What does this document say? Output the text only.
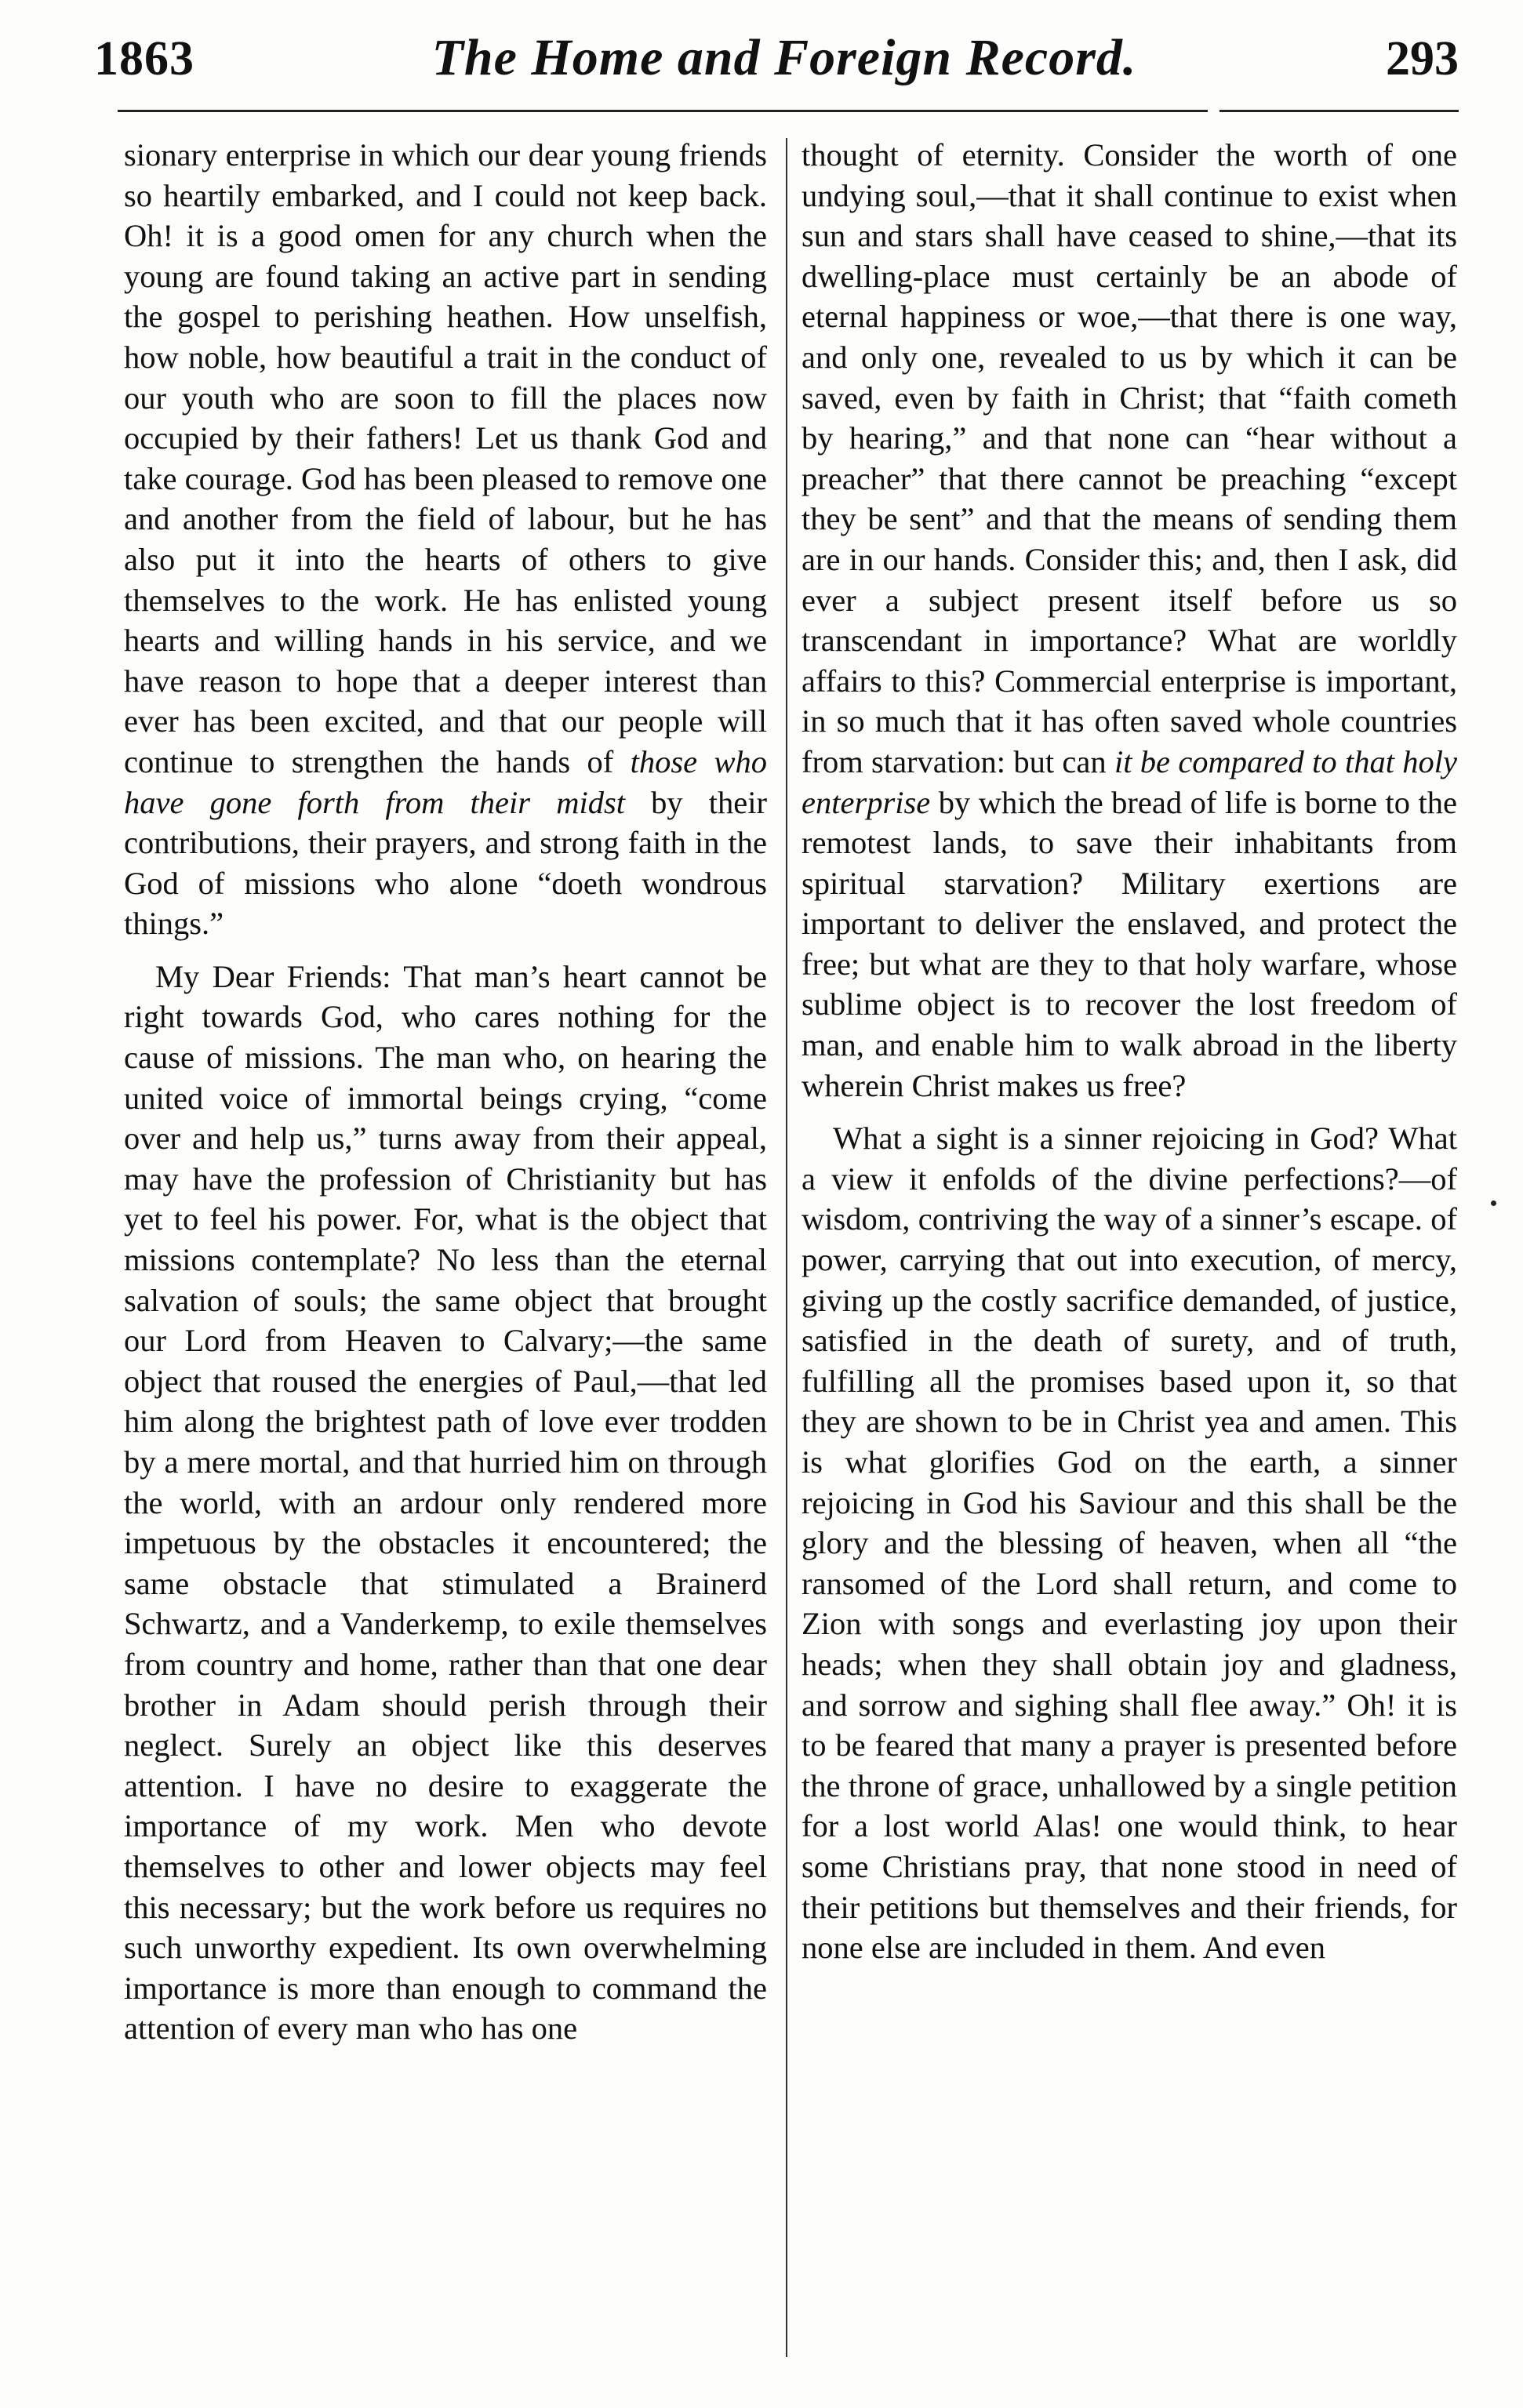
1863	The Home and Foreign Record.	293

sionary enterprise in which our dear young friends so heartily embarked, and I could not keep back. Oh! it is a good omen for any church when the young are found taking an active part in sending the gospel to perishing heathen. How unselfish, how noble, how beautiful a trait in the conduct of our youth who are soon to fill the places now occupied by their fathers! Let us thank God and take courage. God has been pleased to remove one and another from the field of labour, but he has also put it into the hearts of others to give themselves to the work. He has enlisted young hearts and willing hands in his service, and we have reason to hope that a deeper interest than ever has been excited, and that our people will continue to strengthen the hands of those who have gone forth from their midst by their contributions, their prayers, and strong faith in the God of missions who alone “doeth wondrous things.”

My Dear Friends: That man’s heart cannot be right towards God, who cares nothing for the cause of missions. The man who, on hearing the united voice of immortal beings crying, “come over and help us,” turns away from their appeal, may have the profession of Christianity but has yet to feel his power. For, what is the object that missions contemplate? No less than the eternal salvation of souls; the same object that brought our Lord from Heaven to Calvary;—the same object that roused the energies of Paul,—that led him along the brightest path of love ever trodden by a mere mortal, and that hurried him on through the world, with an ardour only rendered more impetuous by the obstacles it encountered; the same obstacle that stimulated a Brainerd Schwartz, and a Vanderkemp, to exile themselves from country and home, rather than that one dear brother in Adam should perish through their neglect. Surely an object like this deserves attention. I have no desire to exaggerate the importance of my work. Men who devote themselves to other and lower objects may feel this necessary; but the work before us requires no such unworthy expedient. Its own overwhelming importance is more than enough to command the attention of every man who has one

thought of eternity. Consider the worth of one undying soul,—that it shall continue to exist when sun and stars shall have ceased to shine,—that its dwelling-place must certainly be an abode of eternal happiness or woe,—that there is one way, and only one, revealed to us by which it can be saved, even by faith in Christ; that “faith cometh by hearing,” and that none can “hear without a preacher” that there cannot be preaching “except they be sent” and that the means of sending them are in our hands. Consider this; and, then I ask, did ever a subject present itself before us so transcendant in importance? What are worldly affairs to this? Commercial enterprise is important, in so much that it has often saved whole countries from starvation: but can it be compared to that holy enterprise by which the bread of life is borne to the remotest lands, to save their inhabitants from spiritual starvation? Military exertions are important to deliver the enslaved, and protect the free; but what are they to that holy warfare, whose sublime object is to recover the lost freedom of man, and enable him to walk abroad in the liberty wherein Christ makes us free?

What a sight is a sinner rejoicing in God? What a view it enfolds of the divine perfections?—of wisdom, contriving the way of a sinner’s escape. of power, carrying that out into execution, of mercy, giving up the costly sacrifice demanded, of justice, satisfied in the death of surety, and of truth, fulfilling all the promises based upon it, so that they are shown to be in Christ yea and amen. This is what glorifies God on the earth, a sinner rejoicing in God his Saviour and this shall be the glory and the blessing of heaven, when all “the ransomed of the Lord shall return, and come to Zion with songs and everlasting joy upon their heads; when they shall obtain joy and gladness, and sorrow and sighing shall flee away.” Oh! it is to be feared that many a prayer is presented before the throne of grace, unhallowed by a single petition for a lost world Alas! one would think, to hear some Christians pray, that none stood in need of their petitions but themselves and their friends, for none else are included in them. And even
